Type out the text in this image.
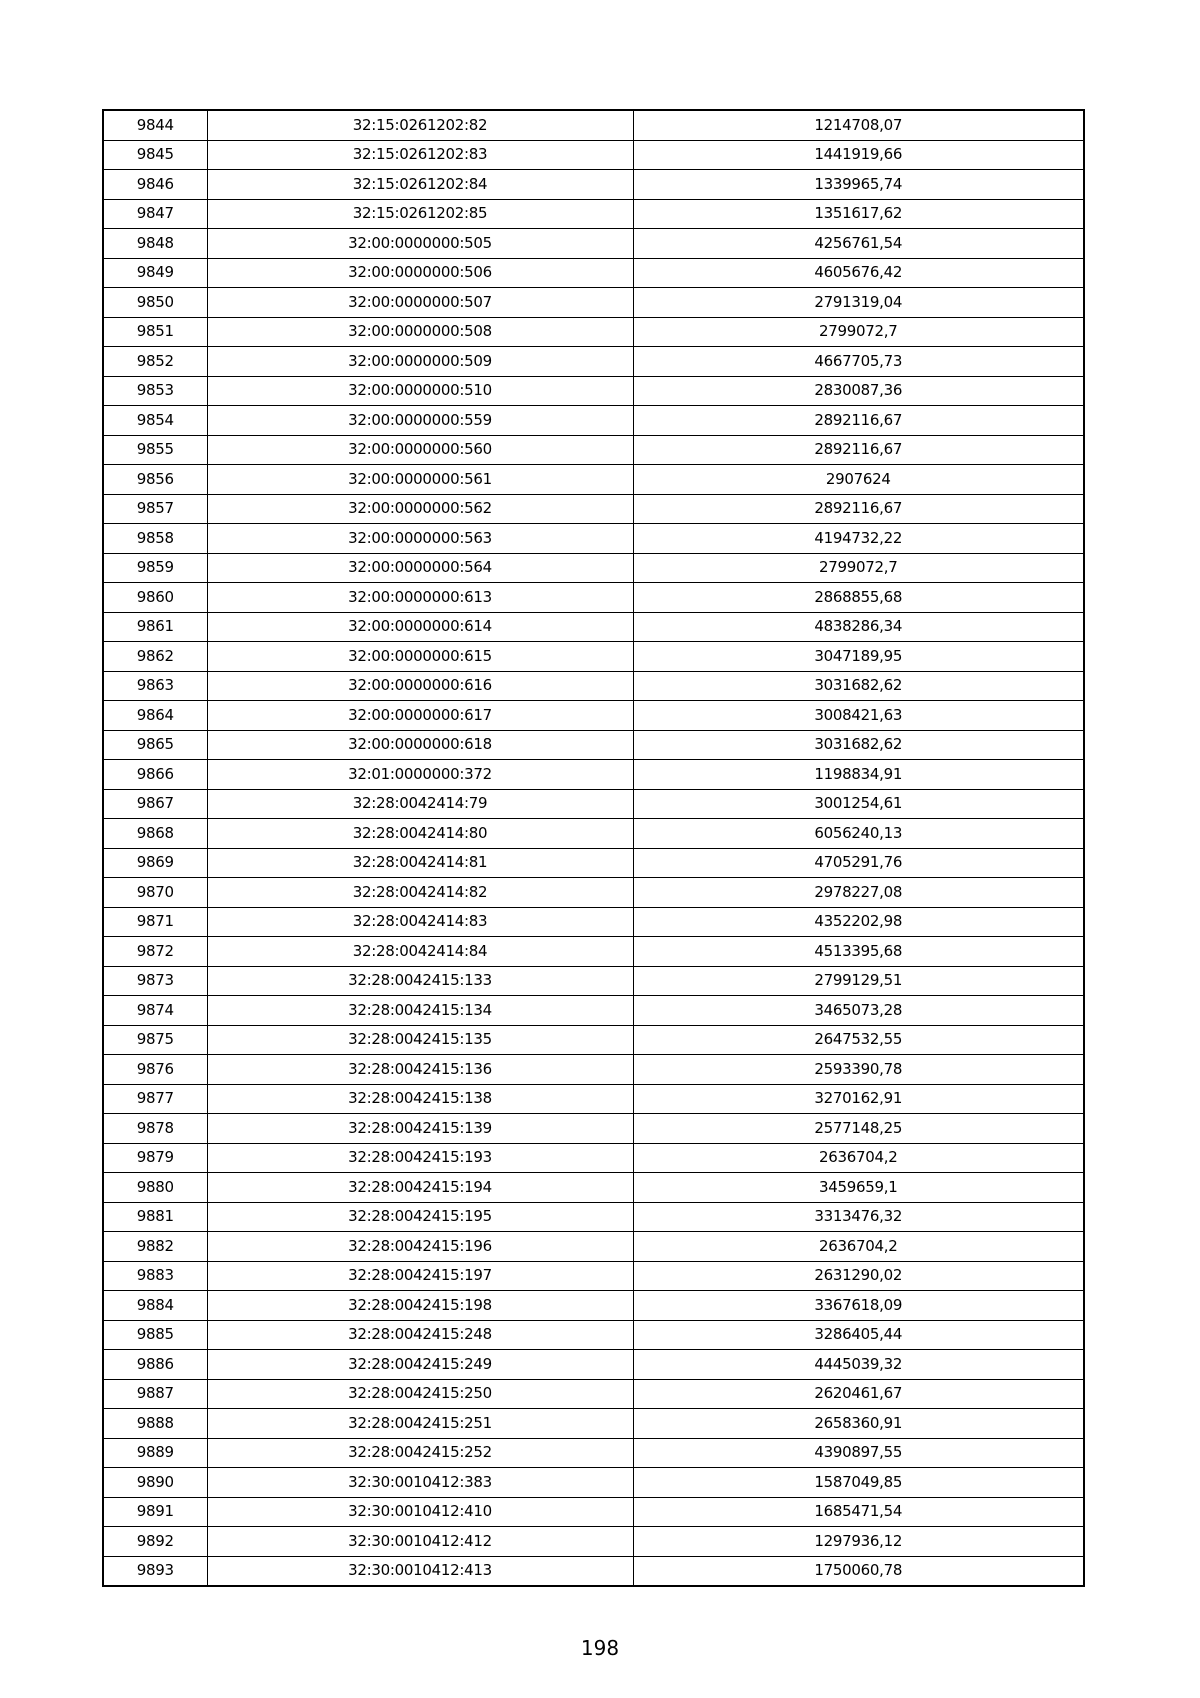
9844	32:15:0261202:82	1214708,07
9845	32:15:0261202:83	1441919,66
9846	32:15:0261202:84	1339965,74
9847	32:15:0261202:85	1351617,62
9848	32:00:0000000:505	4256761,54
9849	32:00:0000000:506	4605676,42
9850	32:00:0000000:507	2791319,04
9851	32:00:0000000:508	2799072,7
9852	32:00:0000000:509	4667705,73
9853	32:00:0000000:510	2830087,36
9854	32:00:0000000:559	2892116,67
9855	32:00:0000000:560	2892116,67
9856	32:00:0000000:561	2907624
9857	32:00:0000000:562	2892116,67
9858	32:00:0000000:563	4194732,22
9859	32:00:0000000:564	2799072,7
9860	32:00:0000000:613	2868855,68
9861	32:00:0000000:614	4838286,34
9862	32:00:0000000:615	3047189,95
9863	32:00:0000000:616	3031682,62
9864	32:00:0000000:617	3008421,63
9865	32:00:0000000:618	3031682,62
9866	32:01:0000000:372	1198834,91
9867	32:28:0042414:79	3001254,61
9868	32:28:0042414:80	6056240,13
9869	32:28:0042414:81	4705291,76
9870	32:28:0042414:82	2978227,08
9871	32:28:0042414:83	4352202,98
9872	32:28:0042414:84	4513395,68
9873	32:28:0042415:133	2799129,51
9874	32:28:0042415:134	3465073,28
9875	32:28:0042415:135	2647532,55
9876	32:28:0042415:136	2593390,78
9877	32:28:0042415:138	3270162,91
9878	32:28:0042415:139	2577148,25
9879	32:28:0042415:193	2636704,2
9880	32:28:0042415:194	3459659,1
9881	32:28:0042415:195	3313476,32
9882	32:28:0042415:196	2636704,2
9883	32:28:0042415:197	2631290,02
9884	32:28:0042415:198	3367618,09
9885	32:28:0042415:248	3286405,44
9886	32:28:0042415:249	4445039,32
9887	32:28:0042415:250	2620461,67
9888	32:28:0042415:251	2658360,91
9889	32:28:0042415:252	4390897,55
9890	32:30:0010412:383	1587049,85
9891	32:30:0010412:410	1685471,54
9892	32:30:0010412:412	1297936,12
9893	32:30:0010412:413	1750060,78
198
